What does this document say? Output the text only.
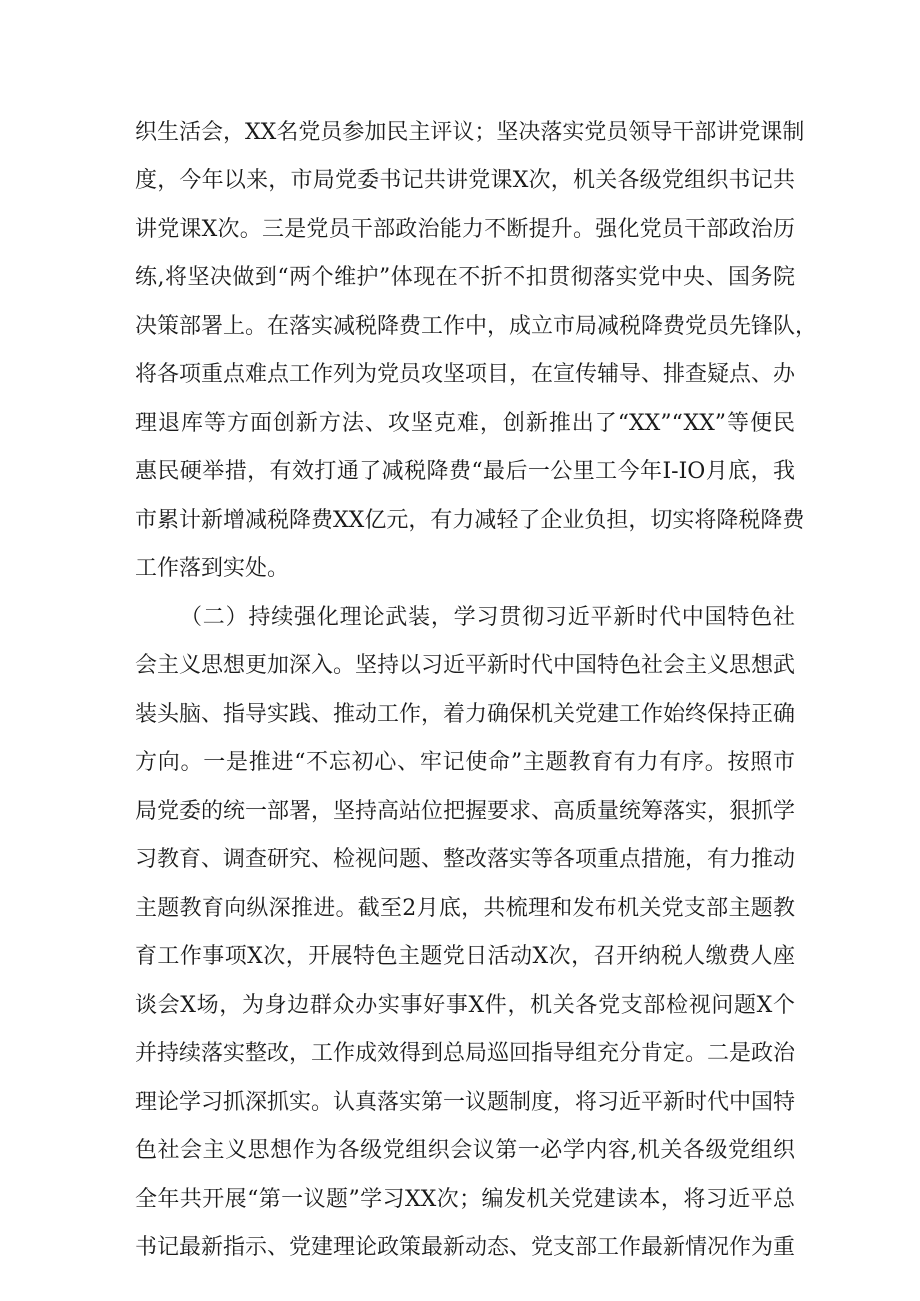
织生活会，XX名党员参加民主评议；坚决落实党员领导干部讲党课制
度，今年以来，市局党委书记共讲党课X次，机关各级党组织书记共
讲党课X次。三是党员干部政治能力不断提升。强化党员干部政治历
练,将坚决做到“两个维护”体现在不折不扣贯彻落实党中央、国务院
决策部署上。在落实减税降费工作中，成立市局减税降费党员先锋队，
将各项重点难点工作列为党员攻坚项目，在宣传辅导、排查疑点、办
理退库等方面创新方法、攻坚克难，创新推出了“XX”“XX”等便民
惠民硬举措，有效打通了减税降费“最后一公里工今年I-IO月底，我
市累计新增减税降费XX亿元，有力减轻了企业负担，切实将降税降费
工作落到实处。
（二）持续强化理论武装，学习贯彻习近平新时代中国特色社
会主义思想更加深入。坚持以习近平新时代中国特色社会主义思想武
装头脑、指导实践、推动工作，着力确保机关党建工作始终保持正确
方向。一是推进“不忘初心、牢记使命”主题教育有力有序。按照市
局党委的统一部署，坚持高站位把握要求、高质量统筹落实，狠抓学
习教育、调查研究、检视问题、整改落实等各项重点措施，有力推动
主题教育向纵深推进。截至2月底，共梳理和发布机关党支部主题教
育工作事项X次，开展特色主题党日活动X次，召开纳税人缴费人座
谈会X场，为身边群众办实事好事X件，机关各党支部检视问题X个
并持续落实整改，工作成效得到总局巡回指导组充分肯定。二是政治
理论学习抓深抓实。认真落实第一议题制度，将习近平新时代中国特
色社会主义思想作为各级党组织会议第一必学内容,机关各级党组织
全年共开展“第一议题”学习XX次；编发机关党建读本，将习近平总
书记最新指示、党建理论政策最新动态、党支部工作最新情况作为重
